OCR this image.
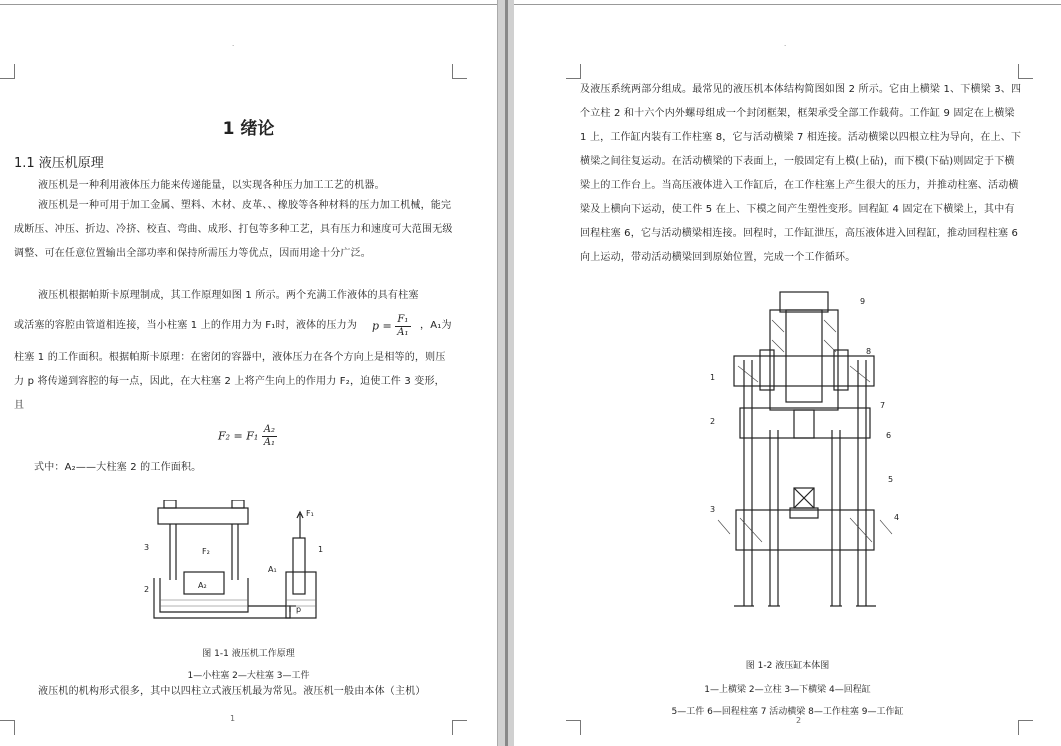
.
1 绪论
1.1 液压机原理
液压机是一种利用液体压力能来传递能量，以实现各种压力加工工艺的机器。
液压机是一种可用于加工金属、塑料、木材、皮革、、橡胶等各种材料的压力加工机械，能完成断压、冲压、折边、冷挤、校直、弯曲、成形、打包等多种工艺，具有压力和速度可大范围无级调整、可在任意位置输出全部功率和保持所需压力等优点，因而用途十分广泛。
液压机根据帕斯卡原理制成，其工作原理如图 1 所示。两个充满工作液体的具有柱塞
或活塞的容腔由管道相连接，当小柱塞 1 上的作用力为 F₁时，液体的压力为	$p = \frac{\text{F₁}}{\text{A₁}}$ ，A₁为
柱塞 1 的工作面积。根据帕斯卡原理：在密闭的容器中，液体压力在各个方向上是相等的，则压力 p 将传递到容腔的每一点，因此，在大柱塞 2 上将产生向上的作用力 F₂，迫使工件 3 变形，且
$F_2 = F_1 \frac{\text{A₂}}{\text{A₁}}$
式中：A₂——大柱塞 2 的工作面积。
F₁
F₂
A₂
A₁
1
2
3
p
图 1-1 液压机工作原理
1—小柱塞 2—大柱塞 3—工件
液压机的机构形式很多，其中以四柱立式液压机最为常见。液压机一般由本体（主机）
1
.
及液压系统两部分组成。最常见的液压机本体结构简图如图 2 所示。它由上横梁 1、下横梁 3、四个立柱 2 和十六个内外螺母组成一个封闭框架，框架承受全部工作载荷。工作缸 9 固定在上横梁 1 上，工作缸内装有工作柱塞 8，它与活动横梁 7 相连接。活动横梁以四根立柱为导向，在上、下横梁之间往复运动。在活动横梁的下表面上，一般固定有上模(上砧)，而下模(下砧)则固定于下横梁上的工作台上。当高压液体进入工作缸后，在工作柱塞上产生很大的压力，并推动柱塞、活动横梁及上横向下运动，使工件 5 在上、下模之间产生塑性变形。回程缸 4 固定在下横梁上，其中有回程柱塞 6，它与活动横梁相连接。回程时，工作缸泄压，高压液体进入回程缸，推动回程柱塞 6 向上运动，带动活动横梁回到原始位置，完成一个工作循环。
9
8
1
7
2
6
5
3
4
图 1-2 液压缸本体图
1—上横梁 2—立柱 3—下横梁 4—回程缸
5—工件 6—回程柱塞 7 活动横梁 8—工作柱塞 9—工作缸
2
